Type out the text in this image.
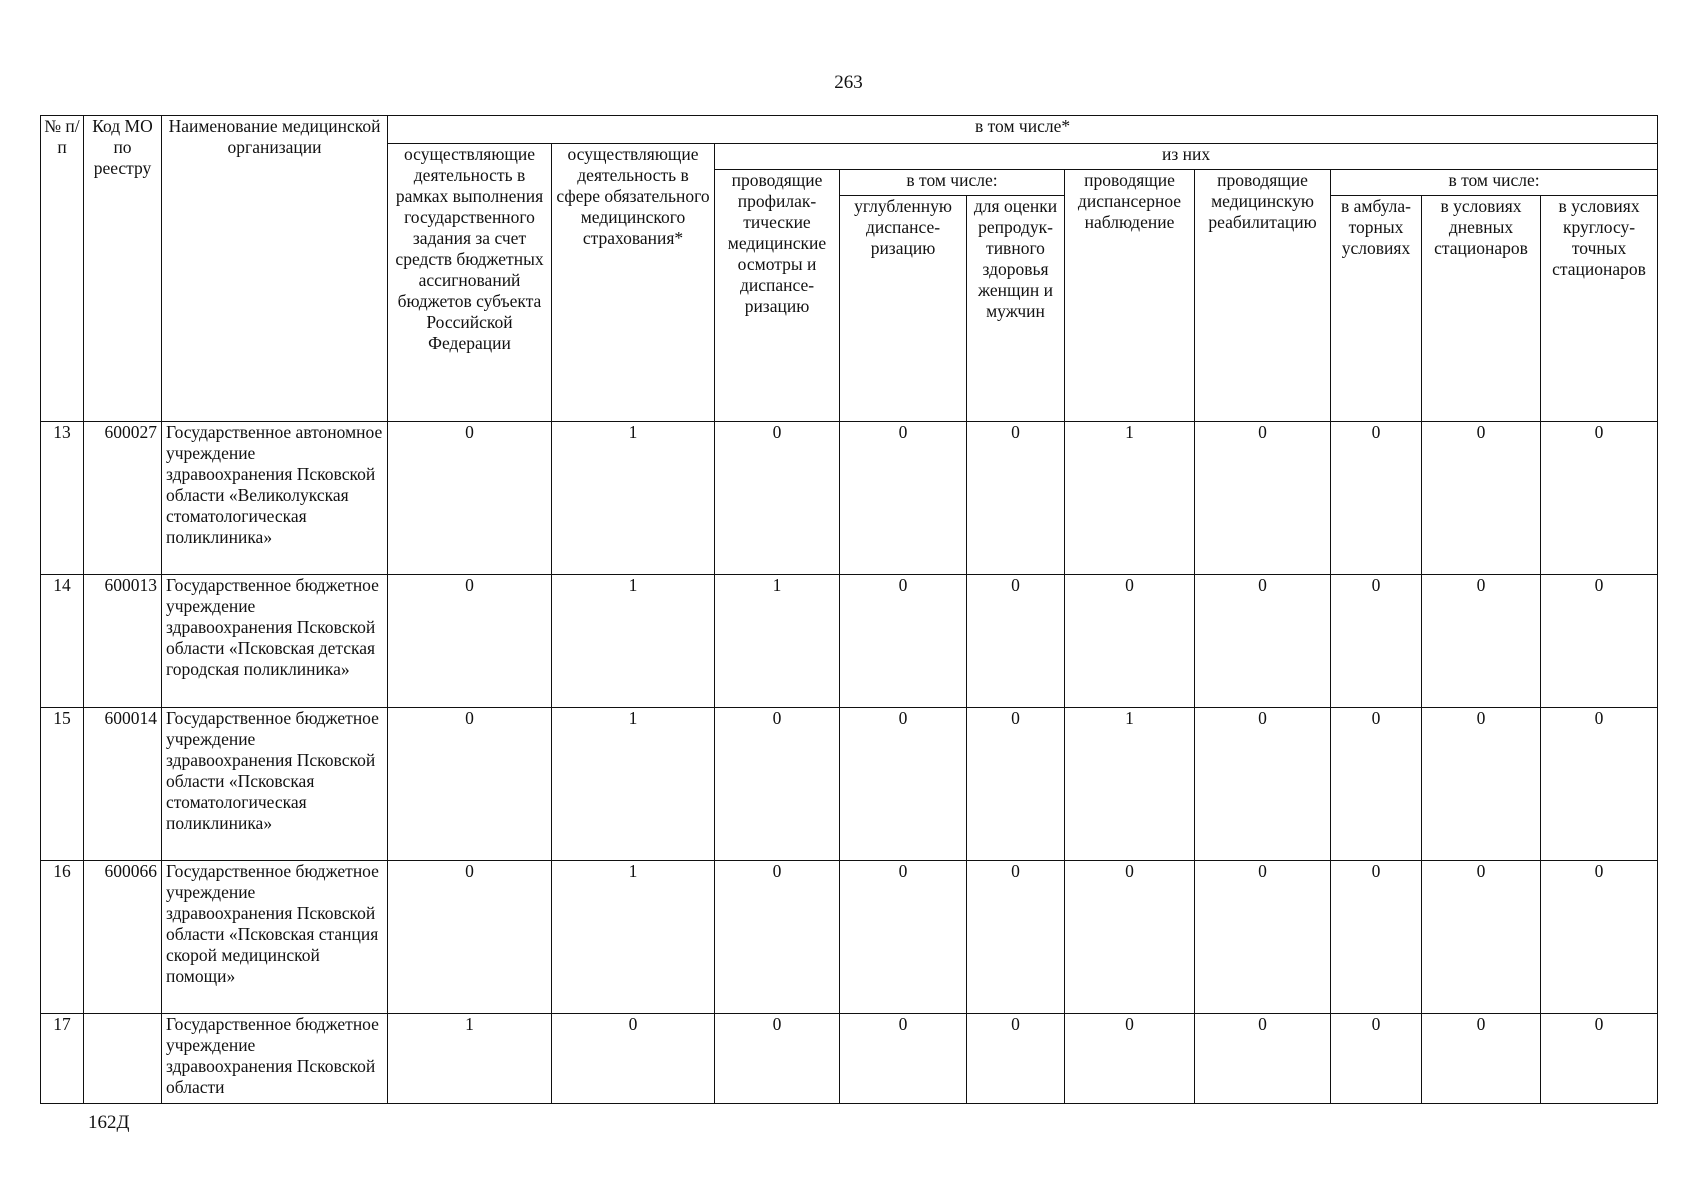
263
№ п/п	Код МО по реестру	Наименование медицинской организации	в том числе*									
			осуществляющие деятельность в рамках выполнения государственного задания за счет средств бюджетных ассигнований бюджетов субъекта Российской Федерации	осуществляющие деятельность в сфере обязательного медицинского страхования*	из них							
					проводящие профилак-тические медицинские осмотры и диспансе-ризацию	в том числе:		проводящие диспансерное наблюдение	проводящие медицинскую реабилитацию	в том числе:		
						углубленную диспансе-ризацию	для оценки репродук-тивного здоровья женщин и мужчин			в амбула-торных условиях	в условиях дневных стационаров	в условиях круглосу-точных стационаров
13	600027	Государственное автономное учреждение здравоохранения Псковской области «Великолукская стоматологическая поликлиника»	0	1	0	0	0	1	0	0	0	0
14	600013	Государственное бюджетное учреждение здравоохранения Псковской области «Псковская детская городская поликлиника»	0	1	1	0	0	0	0	0	0	0
15	600014	Государственное бюджетное учреждение здравоохранения Псковской области «Псковская стоматологическая поликлиника»	0	1	0	0	0	1	0	0	0	0
16	600066	Государственное бюджетное учреждение здравоохранения Псковской области «Псковская станция скорой медицинской помощи»	0	1	0	0	0	0	0	0	0	0
17		Государственное бюджетное учреждение здравоохранения Псковской области	1	0	0	0	0	0	0	0	0	0
162Д
